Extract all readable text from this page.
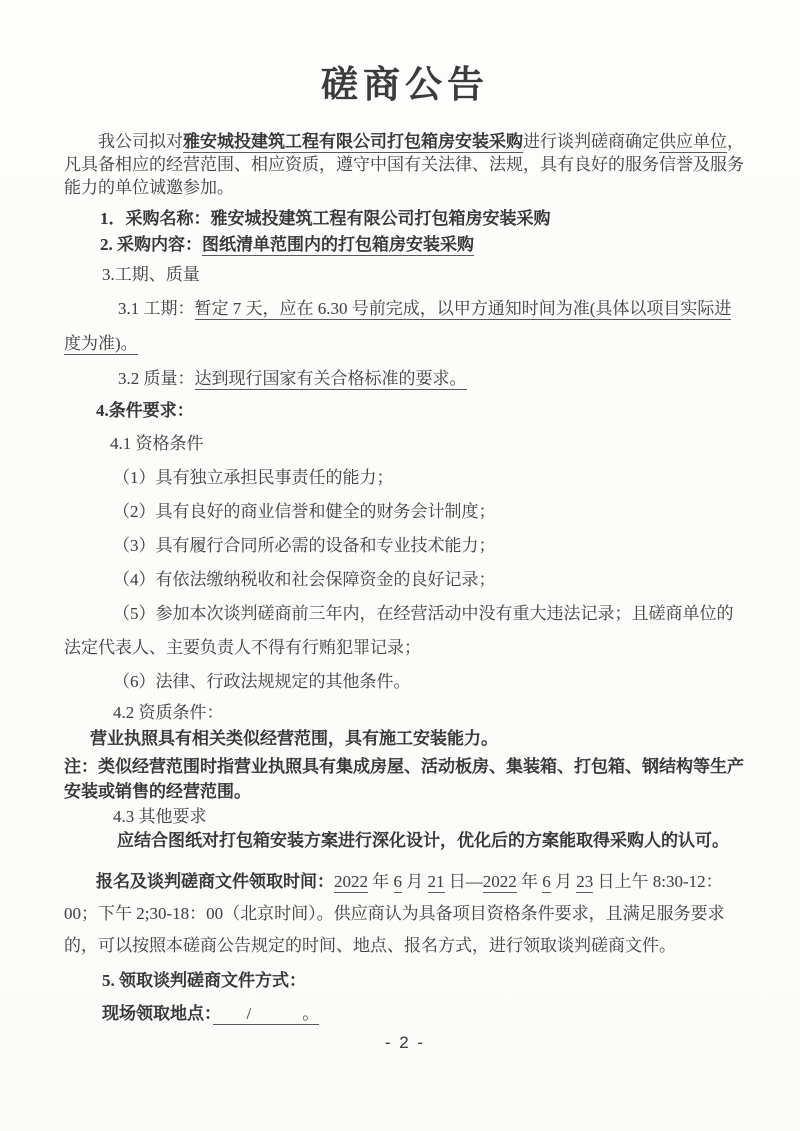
磋商公告

我公司拟对雅安城投建筑工程有限公司打包箱房安装采购进行谈判磋商确定供应单位，凡具备相应的经营范围、相应资质，遵守中国有关法律、法规，具有良好的服务信誉及服务能力的单位诚邀参加。

1．采购名称：雅安城投建筑工程有限公司打包箱房安装采购

2. 采购内容：图纸清单范围内的打包箱房安装采购

3.工期、质量

3.1 工期：暂定 7 天，应在 6.30 号前完成，以甲方通知时间为准(具体以项目实际进度为准)。

3.2 质量：达到现行国家有关合格标准的要求。

4.条件要求：

4.1 资格条件

（1）具有独立承担民事责任的能力；

（2）具有良好的商业信誉和健全的财务会计制度；

（3）具有履行合同所必需的设备和专业技术能力；

（4）有依法缴纳税收和社会保障资金的良好记录；

（5）参加本次谈判磋商前三年内，在经营活动中没有重大违法记录；且磋商单位的法定代表人、主要负责人不得有行贿犯罪记录；

（6）法律、行政法规规定的其他条件。

4.2 资质条件：

营业执照具有相关类似经营范围，具有施工安装能力。

注：类似经营范围时指营业执照具有集成房屋、活动板房、集装箱、打包箱、钢结构等生产安装或销售的经营范围。

4.3 其他要求

应结合图纸对打包箱安装方案进行深化设计，优化后的方案能取得采购人的认可。

报名及谈判磋商文件领取时间：2022 年 6 月 21 日—2022 年 6 月 23 日上午 8:30-12：00；下午 2;30-18：00（北京时间）。供应商认为具备项目资格条件要求，且满足服务要求的，可以按照本磋商公告规定的时间、地点、报名方式，进行领取谈判磋商文件。

5. 领取谈判磋商文件方式：

现场领取地点：　　/　　　。

- 2 -
